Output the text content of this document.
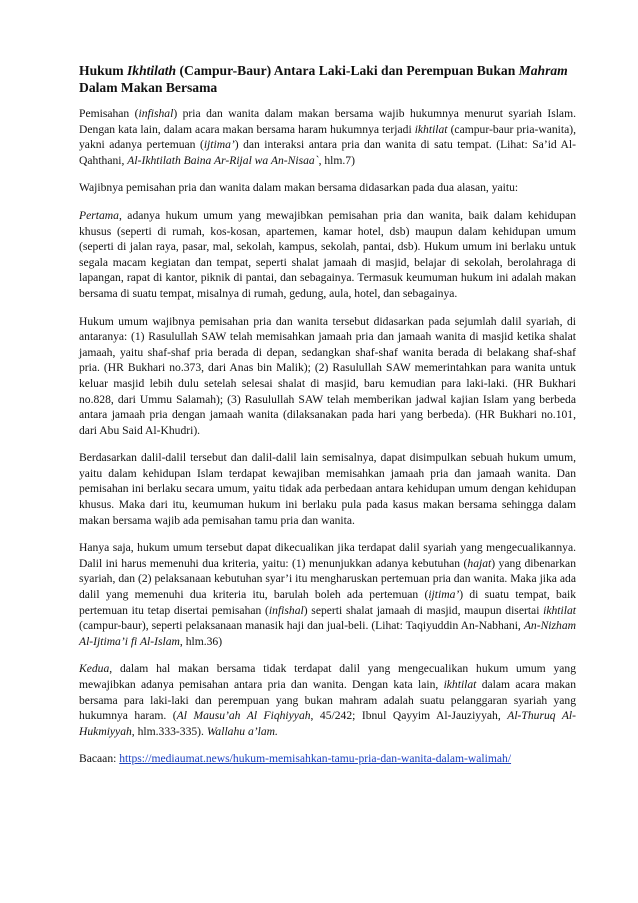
Hukum Ikhtilath (Campur-Baur) Antara Laki-Laki dan Perempuan Bukan Mahram Dalam Makan Bersama

Pemisahan (infishal) pria dan wanita dalam makan bersama wajib hukumnya menurut syariah Islam. Dengan kata lain, dalam acara makan bersama haram hukumnya terjadi ikhtilat (campur-baur pria-wanita), yakni adanya pertemuan (ijtima’) dan interaksi antara pria dan wanita di satu tempat. (Lihat: Sa’id Al-Qahthani, Al-Ikhtilath Baina Ar-Rijal wa An-Nisaa`, hlm.7)

Wajibnya pemisahan pria dan wanita dalam makan bersama didasarkan pada dua alasan, yaitu:

Pertama, adanya hukum umum yang mewajibkan pemisahan pria dan wanita, baik dalam kehidupan khusus (seperti di rumah, kos-kosan, apartemen, kamar hotel, dsb) maupun dalam kehidupan umum (seperti di jalan raya, pasar, mal, sekolah, kampus, sekolah, pantai, dsb). Hukum umum ini berlaku untuk segala macam kegiatan dan tempat, seperti shalat jamaah di masjid, belajar di sekolah, berolahraga di lapangan, rapat di kantor, piknik di pantai, dan sebagainya. Termasuk keumuman hukum ini adalah makan bersama di suatu tempat, misalnya di rumah, gedung, aula, hotel, dan sebagainya.

Hukum umum wajibnya pemisahan pria dan wanita tersebut didasarkan pada sejumlah dalil syariah, di antaranya: (1) Rasulullah SAW telah memisahkan jamaah pria dan jamaah wanita di masjid ketika shalat jamaah, yaitu shaf-shaf pria berada di depan, sedangkan shaf-shaf wanita berada di belakang shaf-shaf pria. (HR Bukhari no.373, dari Anas bin Malik); (2) Rasulullah SAW memerintahkan para wanita untuk keluar masjid lebih dulu setelah selesai shalat di masjid, baru kemudian para laki-laki. (HR Bukhari no.828, dari Ummu Salamah); (3) Rasulullah SAW telah memberikan jadwal kajian Islam yang berbeda antara jamaah pria dengan jamaah wanita (dilaksanakan pada hari yang berbeda). (HR Bukhari no.101, dari Abu Said Al-Khudri).

Berdasarkan dalil-dalil tersebut dan dalil-dalil lain semisalnya, dapat disimpulkan sebuah hukum umum, yaitu dalam kehidupan Islam terdapat kewajiban memisahkan jamaah pria dan jamaah wanita. Dan pemisahan ini berlaku secara umum, yaitu tidak ada perbedaan antara kehidupan umum dengan kehidupan khusus. Maka dari itu, keumuman hukum ini berlaku pula pada kasus makan bersama sehingga dalam makan bersama wajib ada pemisahan tamu pria dan wanita.

Hanya saja, hukum umum tersebut dapat dikecualikan jika terdapat dalil syariah yang mengecualikannya. Dalil ini harus memenuhi dua kriteria, yaitu: (1) menunjukkan adanya kebutuhan (hajat) yang dibenarkan syariah, dan (2) pelaksanaan kebutuhan syar’i itu mengharuskan pertemuan pria dan wanita. Maka jika ada dalil yang memenuhi dua kriteria itu, barulah boleh ada pertemuan (ijtima’) di suatu tempat, baik pertemuan itu tetap disertai pemisahan (infishal) seperti shalat jamaah di masjid, maupun disertai ikhtilat (campur-baur), seperti pelaksanaan manasik haji dan jual-beli. (Lihat: Taqiyuddin An-Nabhani, An-Nizham Al-Ijtima’i fi Al-Islam, hlm.36)

Kedua, dalam hal makan bersama tidak terdapat dalil yang mengecualikan hukum umum yang mewajibkan adanya pemisahan antara pria dan wanita. Dengan kata lain, ikhtilat dalam acara makan bersama para laki-laki dan perempuan yang bukan mahram adalah suatu pelanggaran syariah yang hukumnya haram. (Al Mausu’ah Al Fiqhiyyah, 45/242; Ibnul Qayyim Al-Jauziyyah, Al-Thuruq Al-Hukmiyyah, hlm.333-335). Wallahu a’lam.

Bacaan: https://mediaumat.news/hukum-memisahkan-tamu-pria-dan-wanita-dalam-walimah/
